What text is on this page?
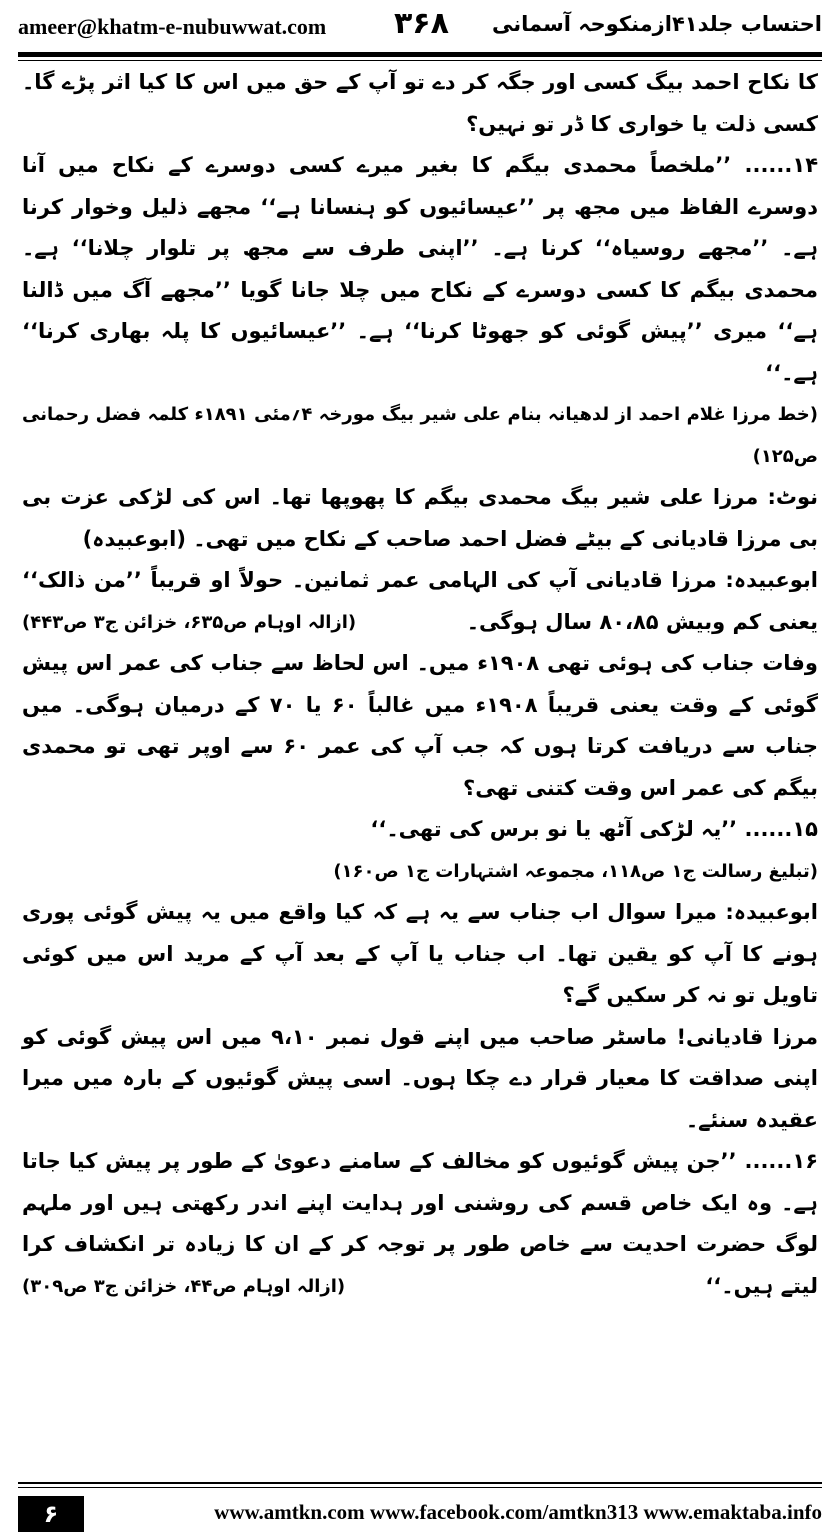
ameer@khatm-e-nubuwwat.com ۳۶۸ احتساب جلد۴۱ازمنکوحہ آسمانی

کا نکاح احمد بیگ کسی اور جگہ کر دے تو آپ کے حق میں اس کا کیا اثر پڑے گا۔ کسی ذلت یا خواری کا ڈر تو نہیں؟

۱۴...... ’’ملخصاً محمدی بیگم کا بغیر میرے کسی دوسرے کے نکاح میں آنا دوسرے الفاظ میں مجھ پر ’’عیسائیوں کو ہنسانا ہے‘‘ مجھے ذلیل وخوار کرنا ہے۔ ’’مجھے روسیاہ‘‘ کرنا ہے۔ ’’اپنی طرف سے مجھ پر تلوار چلانا‘‘ ہے۔ محمدی بیگم کا کسی دوسرے کے نکاح میں چلا جانا گویا ’’مجھے آگ میں ڈالنا ہے‘‘ میری ’’پیش گوئی کو جھوٹا کرنا‘‘ ہے۔ ’’عیسائیوں کا پلہ بھاری کرنا‘‘ ہے۔‘‘

(خط مرزا غلام احمد از لدھیانہ بنام علی شیر بیگ مورخہ ۴؍مئی ۱۸۹۱ء کلمہ فضل رحمانی ص۱۲۵)

نوٹ: مرزا علی شیر بیگ محمدی بیگم کا پھوپھا تھا۔ اس کی لڑکی عزت بی بی مرزا قادیانی کے بیٹے فضل احمد صاحب کے نکاح میں تھی۔ (ابوعبیدہ)

ابوعبیدہ: مرزا قادیانی آپ کی الہامی عمر ثمانین۔ حولاً او قریباً ’’من ذالک‘‘ یعنی کم وبیش ۸۰،۸۵ سال ہوگی۔
(ازالہ اوہام ص۶۳۵، خزائن ج۳ ص۴۴۳)

وفات جناب کی ہوئی تھی ۱۹۰۸ء میں۔ اس لحاظ سے جناب کی عمر اس پیش گوئی کے وقت یعنی قریباً ۱۹۰۸ء میں غالباً ۶۰ یا ۷۰ کے درمیان ہوگی۔ میں جناب سے دریافت کرتا ہوں کہ جب آپ کی عمر ۶۰ سے اوپر تھی تو محمدی بیگم کی عمر اس وقت کتنی تھی؟

۱۵...... ’’یہ لڑکی آٹھ یا نو برس کی تھی۔‘‘

(تبلیغ رسالت ج۱ ص۱۱۸، مجموعہ اشتہارات ج۱ ص۱۶۰)

ابوعبیدہ: میرا سوال اب جناب سے یہ ہے کہ کیا واقع میں یہ پیش گوئی پوری ہونے کا آپ کو یقین تھا۔ اب جناب یا آپ کے بعد آپ کے مرید اس میں کوئی تاویل تو نہ کر سکیں گے؟

مرزا قادیانی! ماسٹر صاحب میں اپنے قول نمبر ۹،۱۰ میں اس پیش گوئی کو اپنی صداقت کا معیار قرار دے چکا ہوں۔ اسی پیش گوئیوں کے بارہ میں میرا عقیدہ سنئے۔

۱۶...... ’’جن پیش گوئیوں کو مخالف کے سامنے دعویٰ کے طور پر پیش کیا جاتا ہے۔ وہ ایک خاص قسم کی روشنی اور ہدایت اپنے اندر رکھتی ہیں اور ملہم لوگ حضرت احدیت سے خاص طور پر توجہ کر کے ان کا زیادہ تر انکشاف کرا لیتے ہیں۔‘‘
(ازالہ اوہام ص۴۴، خزائن ج۳ ص۳۰۹)

۶	www.amtkn.com www.facebook.com/amtkn313 www.emaktaba.info
